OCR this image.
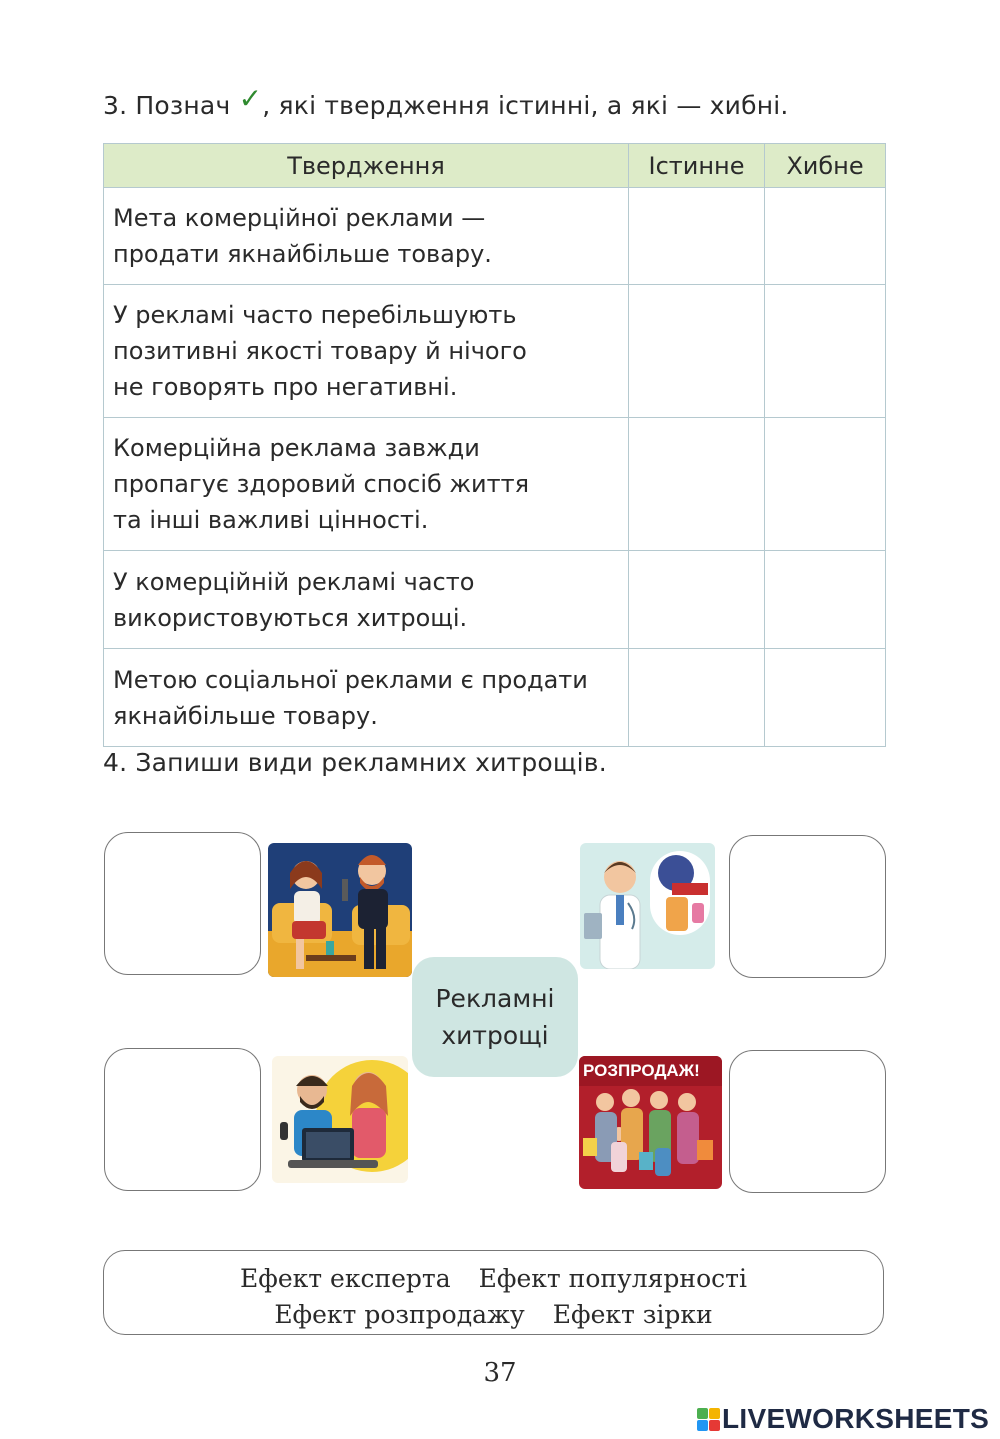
3. Познач ✓, які твердження істинні, а які — хибні.
Твердження	Істинне	Хибне

Мета комерційної реклами —
продати якнайбільше товару.		

У рекламі часто перебільшують
позитивні якості товару й нічого
не говорять про негативні.		

Комерційна реклама завжди
пропагує здоровий спосіб життя
та інші важливі цінності.		

У комерційній рекламі часто
використовуються хитрощі.		

Метою соціальної реклами є продати
якнайбільше товару.		

4. Запиши види рекламних хитрощів.
РОЗПРОДАЖ!
Рекламні
хитрощі
Ефект експерта Ефект популярності
Ефект розпродажу Ефект зірки
37
LIVEWORKSHEETS
